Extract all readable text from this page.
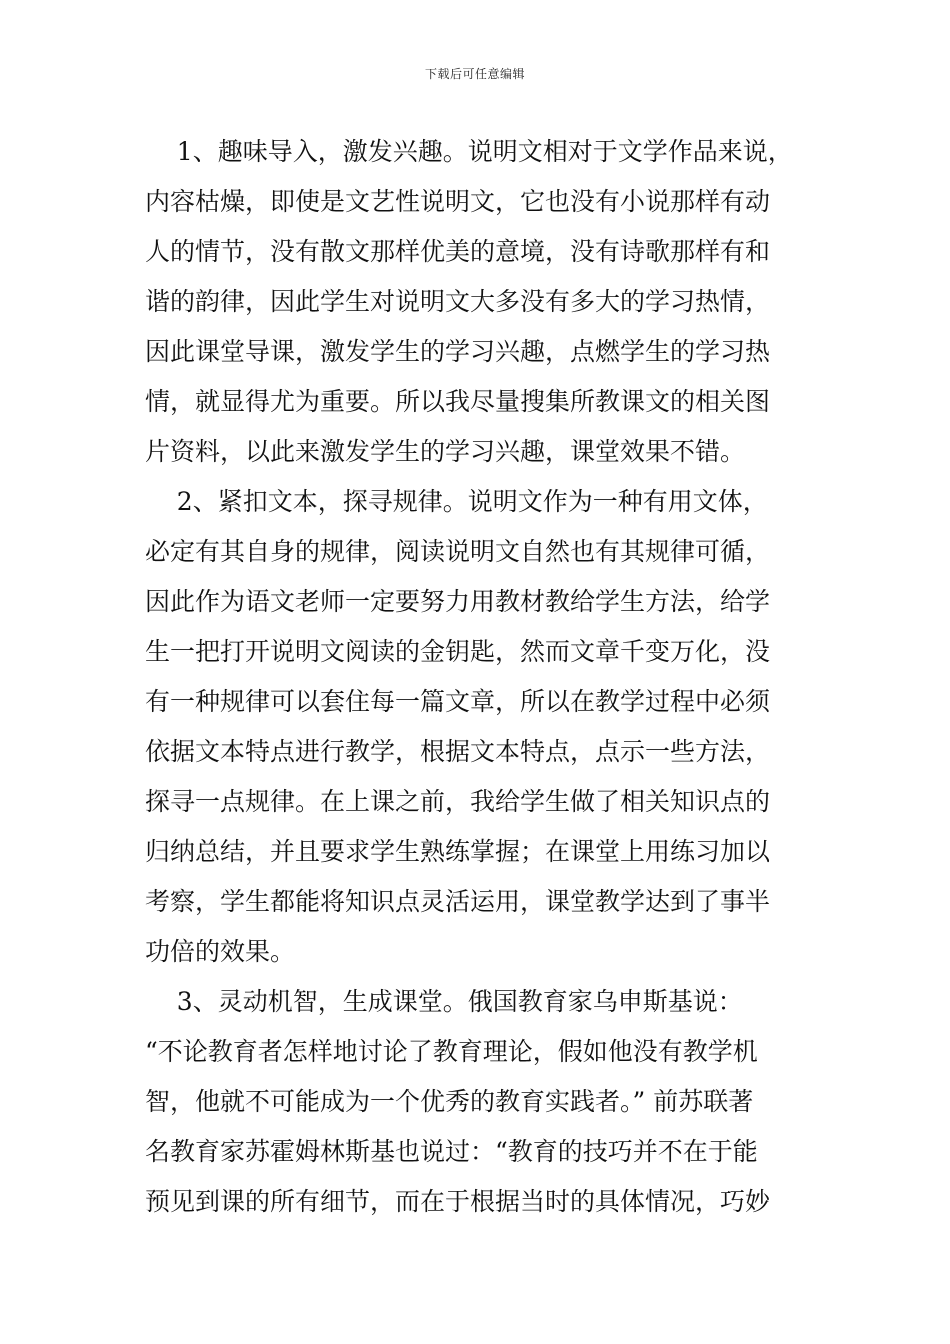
下载后可任意编辑
1、趣味导入，激发兴趣。说明文相对于文学作品来说，
内容枯燥，即使是文艺性说明文，它也没有小说那样有动
人的情节，没有散文那样优美的意境，没有诗歌那样有和
谐的韵律，因此学生对说明文大多没有多大的学习热情，
因此课堂导课，激发学生的学习兴趣，点燃学生的学习热
情，就显得尤为重要。所以我尽量搜集所教课文的相关图
片资料，以此来激发学生的学习兴趣，课堂效果不错。
2、紧扣文本，探寻规律。说明文作为一种有用文体，
必定有其自身的规律，阅读说明文自然也有其规律可循，
因此作为语文老师一定要努力用教材教给学生方法，给学
生一把打开说明文阅读的金钥匙，然而文章千变万化，没
有一种规律可以套住每一篇文章，所以在教学过程中必须
依据文本特点进行教学，根据文本特点，点示一些方法，
探寻一点规律。在上课之前，我给学生做了相关知识点的
归纳总结，并且要求学生熟练掌握；在课堂上用练习加以
考察，学生都能将知识点灵活运用，课堂教学达到了事半
功倍的效果。
3、灵动机智，生成课堂。俄国教育家乌申斯基说：
“不论教育者怎样地讨论了教育理论，假如他没有教学机
智，他就不可能成为一个优秀的教育实践者。” 前苏联著
名教育家苏霍姆林斯基也说过：“教育的技巧并不在于能
预见到课的所有细节，而在于根据当时的具体情况，巧妙
